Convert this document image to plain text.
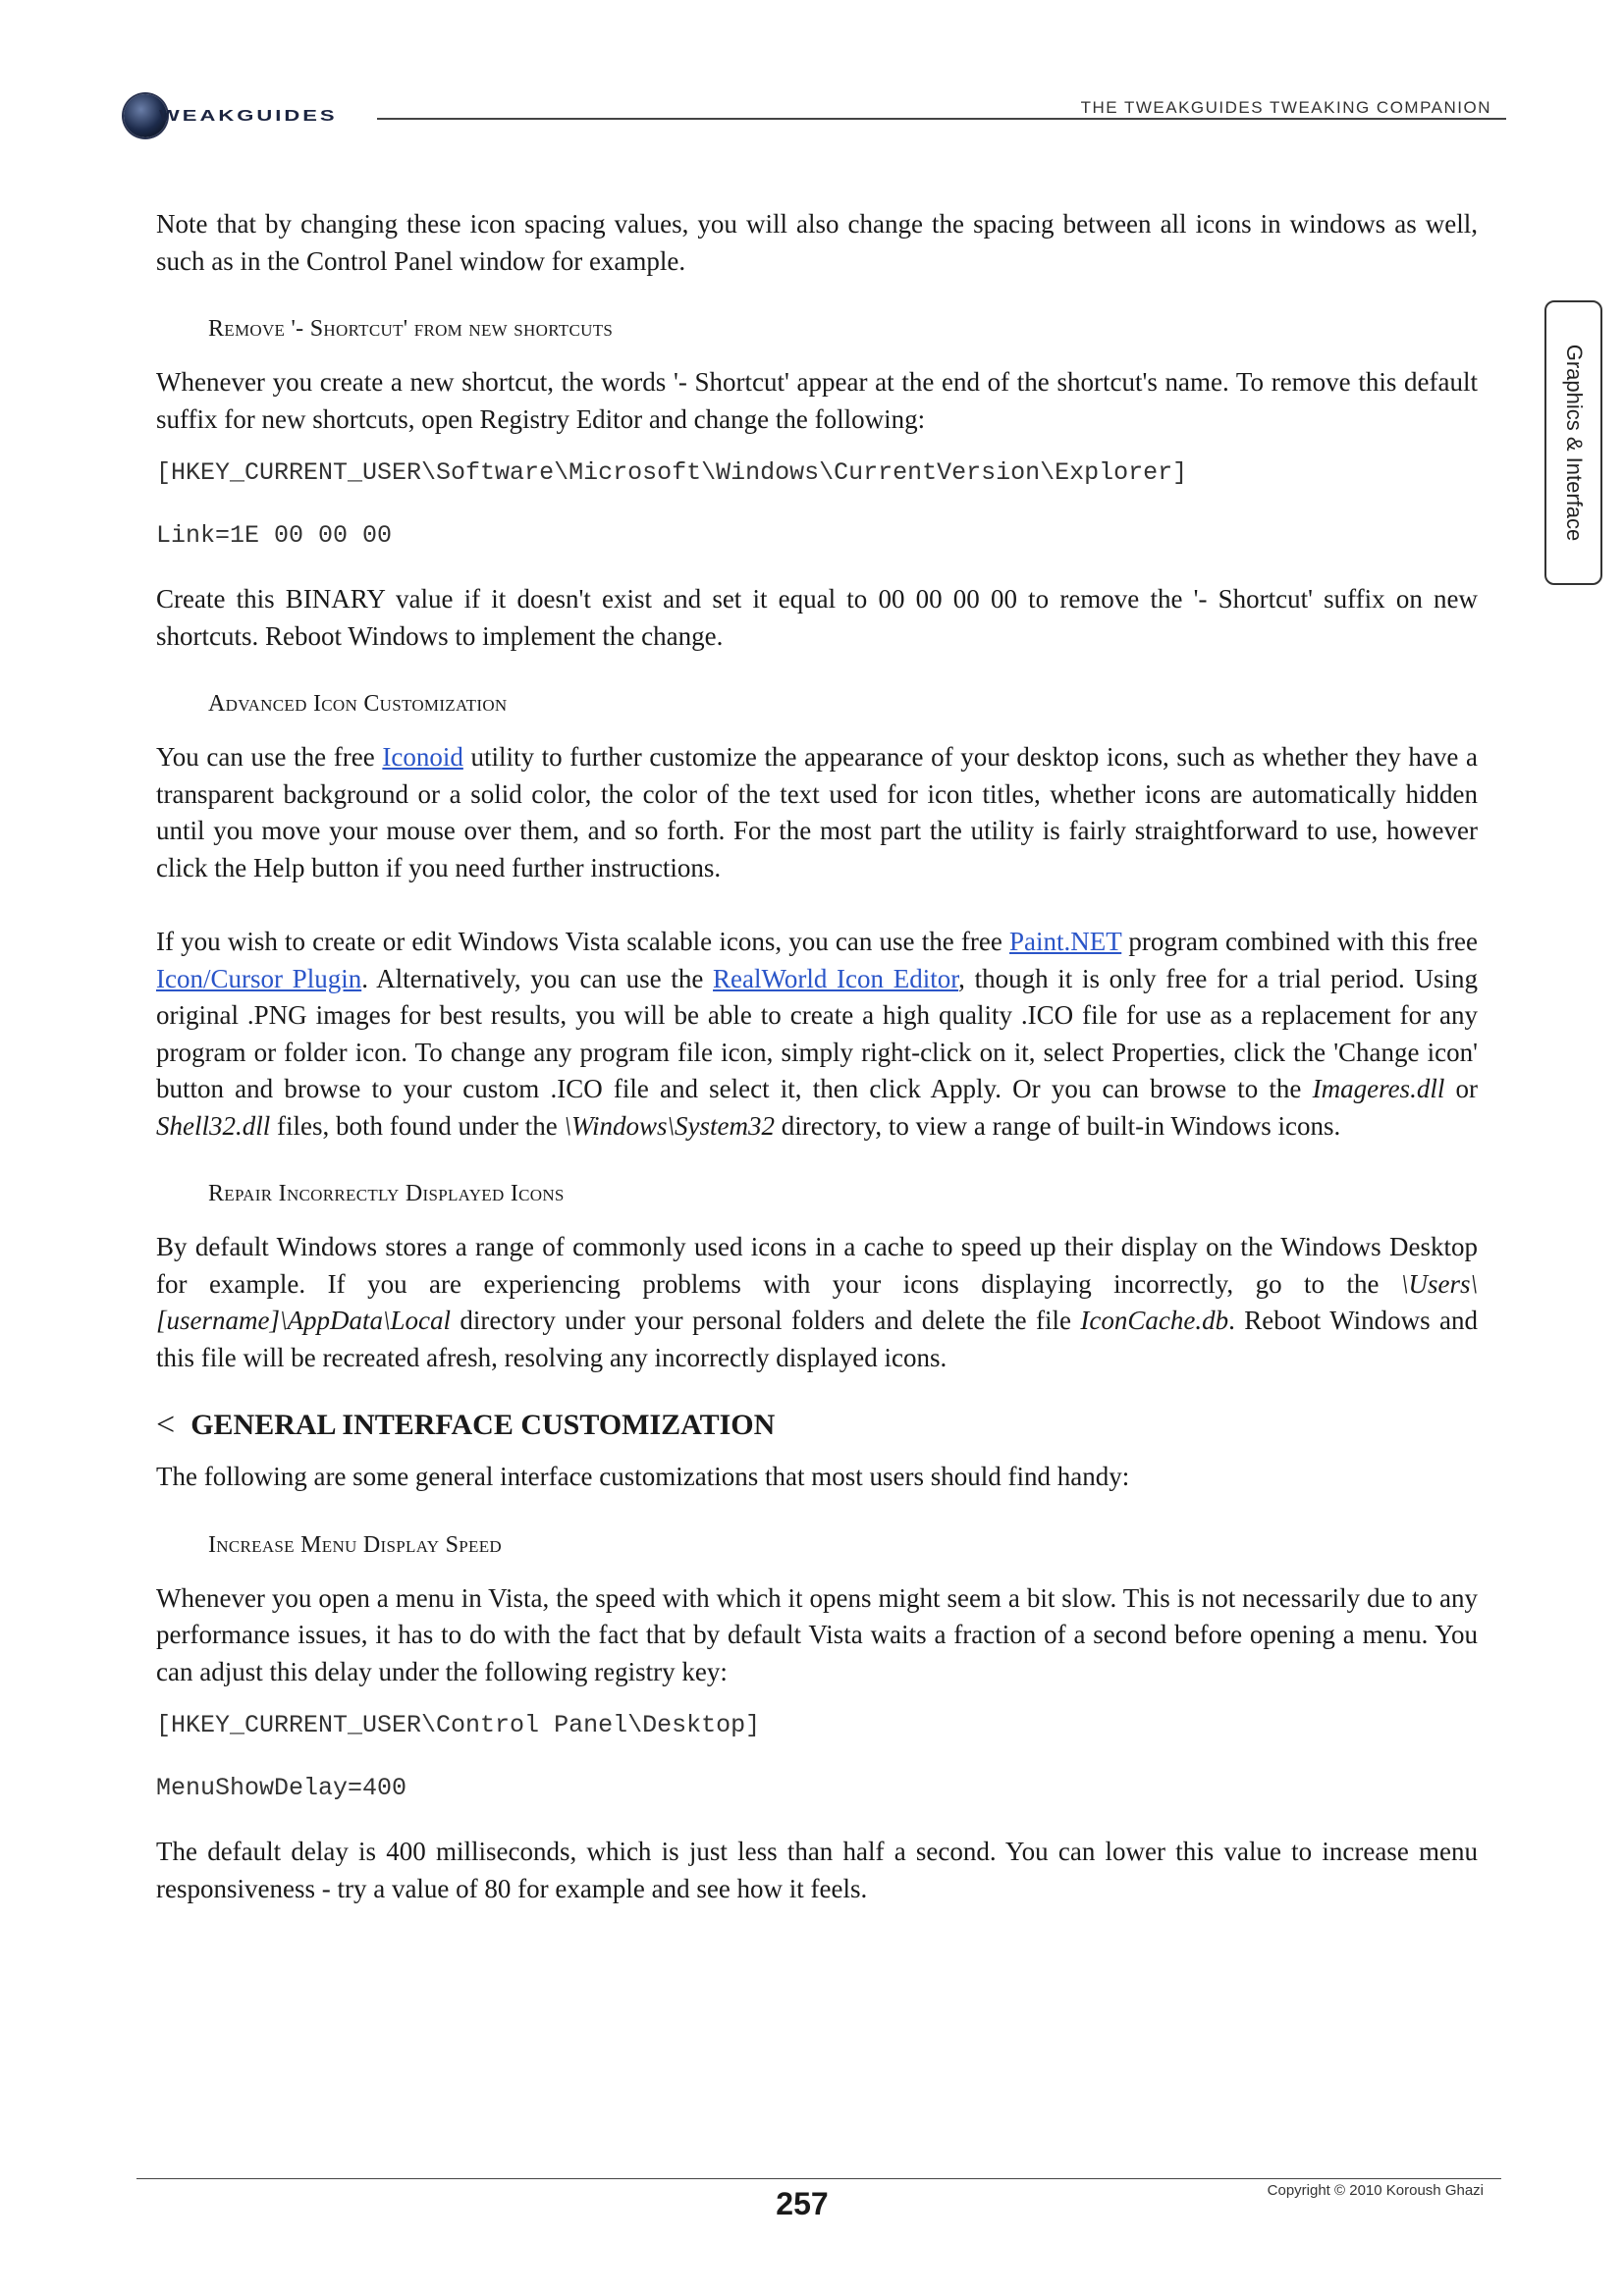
WEAKGUIDES	THE TWEAKGUIDES TWEAKING COMPANION
Graphics & Interface

Note that by changing these icon spacing values, you will also change the spacing between all icons in windows as well, such as in the Control Panel window for example.

Remove '- Shortcut' from new shortcuts

Whenever you create a new shortcut, the words '- Shortcut' appear at the end of the shortcut's name. To remove this default suffix for new shortcuts, open Registry Editor and change the following:

[HKEY_CURRENT_USER\Software\Microsoft\Windows\CurrentVersion\Explorer]

Link=1E 00 00 00

Create this BINARY value if it doesn't exist and set it equal to 00 00 00 00 to remove the '- Shortcut' suffix on new shortcuts. Reboot Windows to implement the change.

Advanced Icon Customization

You can use the free Iconoid utility to further customize the appearance of your desktop icons, such as whether they have a transparent background or a solid color, the color of the text used for icon titles, whether icons are automatically hidden until you move your mouse over them, and so forth. For the most part the utility is fairly straightforward to use, however click the Help button if you need further instructions.

If you wish to create or edit Windows Vista scalable icons, you can use the free Paint.NET program combined with this free Icon/Cursor Plugin. Alternatively, you can use the RealWorld Icon Editor, though it is only free for a trial period. Using original .PNG images for best results, you will be able to create a high quality .ICO file for use as a replacement for any program or folder icon. To change any program file icon, simply right-click on it, select Properties, click the 'Change icon' button and browse to your custom .ICO file and select it, then click Apply. Or you can browse to the Imageres.dll or Shell32.dll files, both found under the \Windows\System32 directory, to view a range of built-in Windows icons.

Repair Incorrectly Displayed Icons

By default Windows stores a range of commonly used icons in a cache to speed up their display on the Windows Desktop for example. If you are experiencing problems with your icons displaying incorrectly, go to the \Users\[username]\AppData\Local directory under your personal folders and delete the file IconCache.db. Reboot Windows and this file will be recreated afresh, resolving any incorrectly displayed icons.

< GENERAL INTERFACE CUSTOMIZATION

The following are some general interface customizations that most users should find handy:

Increase Menu Display Speed

Whenever you open a menu in Vista, the speed with which it opens might seem a bit slow. This is not necessarily due to any performance issues, it has to do with the fact that by default Vista waits a fraction of a second before opening a menu. You can adjust this delay under the following registry key:

[HKEY_CURRENT_USER\Control Panel\Desktop]

MenuShowDelay=400

The default delay is 400 milliseconds, which is just less than half a second. You can lower this value to increase menu responsiveness - try a value of 80 for example and see how it feels.

257	Copyright © 2010 Koroush Ghazi
